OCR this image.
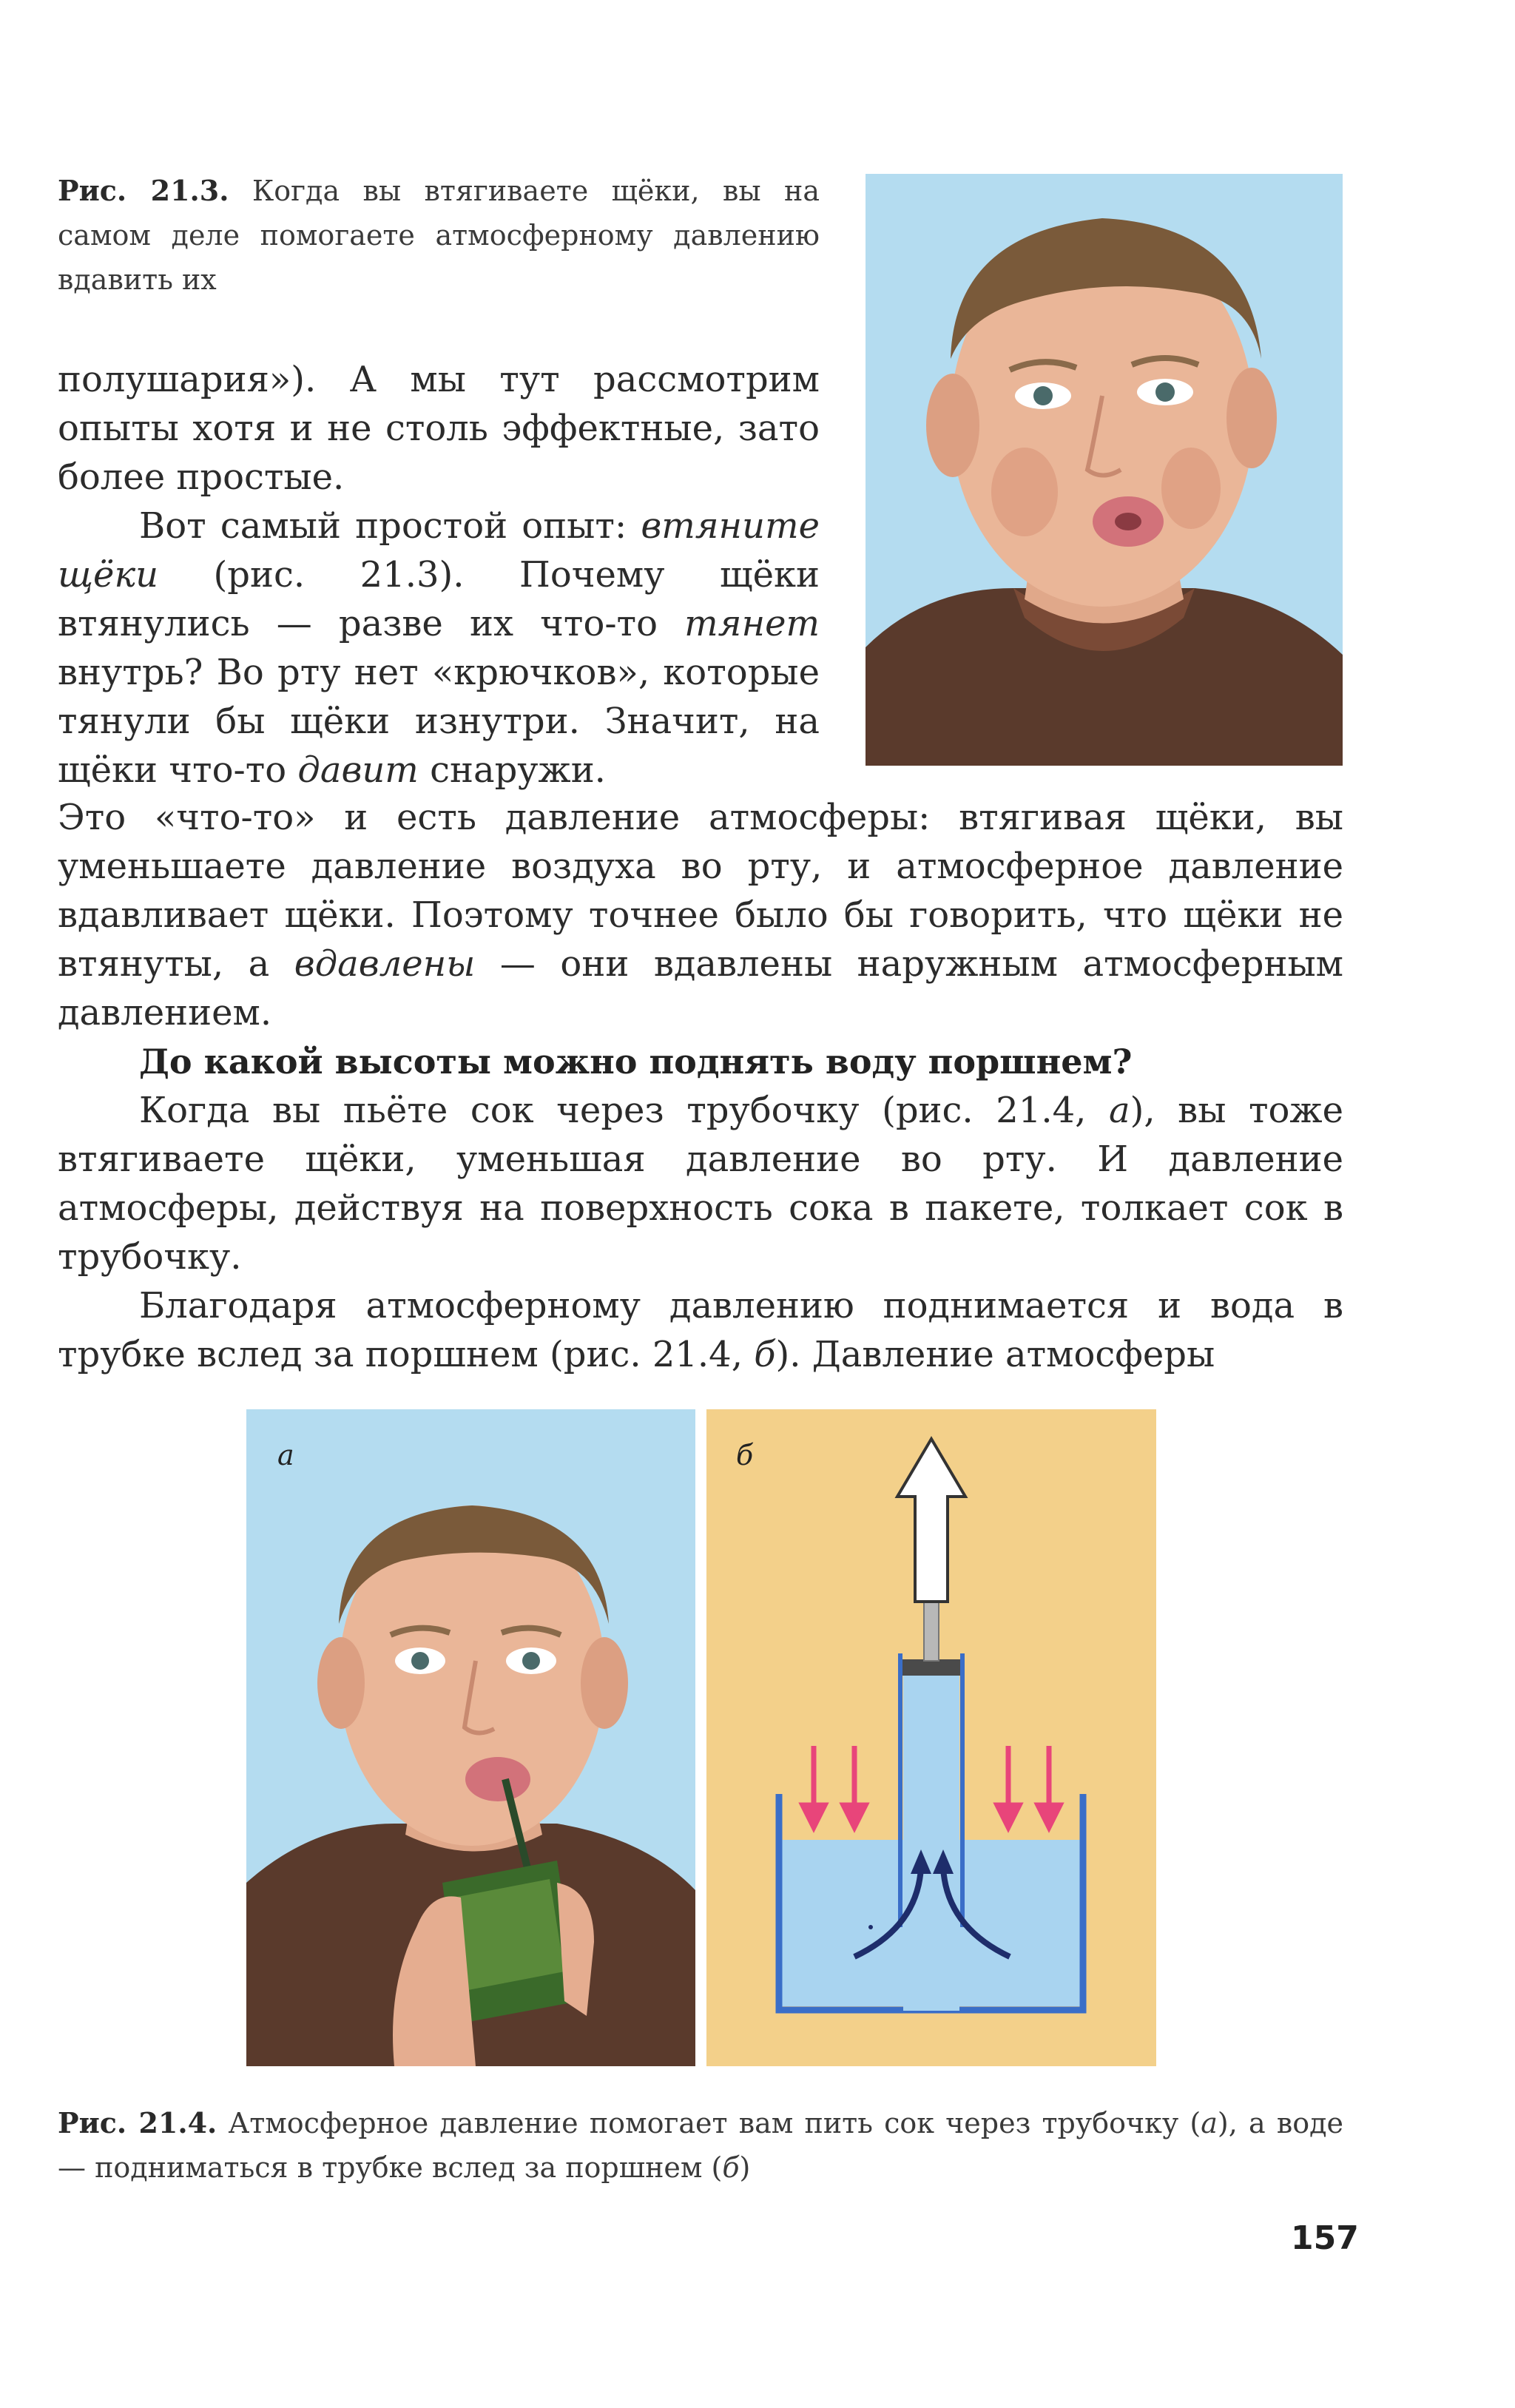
Рис. 21.3. Когда вы втягиваете щёки, вы на самом деле помогаете атмосферному давлению вдавить их

полушария»). А мы тут рассмотрим опыты хотя и не столь эффектные, зато более простые.

Вот самый простой опыт: втяните щёки (рис. 21.3). Почему щёки втянулись — разве их что-то тянет внутрь? Во рту нет «крючков», которые тянули бы щёки изнутри. Значит, на щёки что-то давит снаружи.

Это «что-то» и есть давление атмосферы: втягивая щёки, вы уменьшаете давление воздуха во рту, и атмосферное давление вдавливает щёки. Поэтому точнее было бы говорить, что щёки не втянуты, а вдавлены — они вдавлены наружным атмосферным давлением.

До какой высоты можно поднять воду поршнем?

Когда вы пьёте сок через трубочку (рис. 21.4, а), вы тоже втягиваете щёки, уменьшая давление во рту. И давление атмосферы, действуя на поверхность сока в пакете, толкает сок в трубочку.

Благодаря атмосферному давлению поднимается и вода в трубке вслед за поршнем (рис. 21.4, б). Давление атмосферы

а	б

Рис. 21.4. Атмосферное давление помогает вам пить сок через трубочку (а), а воде — подниматься в трубке вслед за поршнем (б)

157
